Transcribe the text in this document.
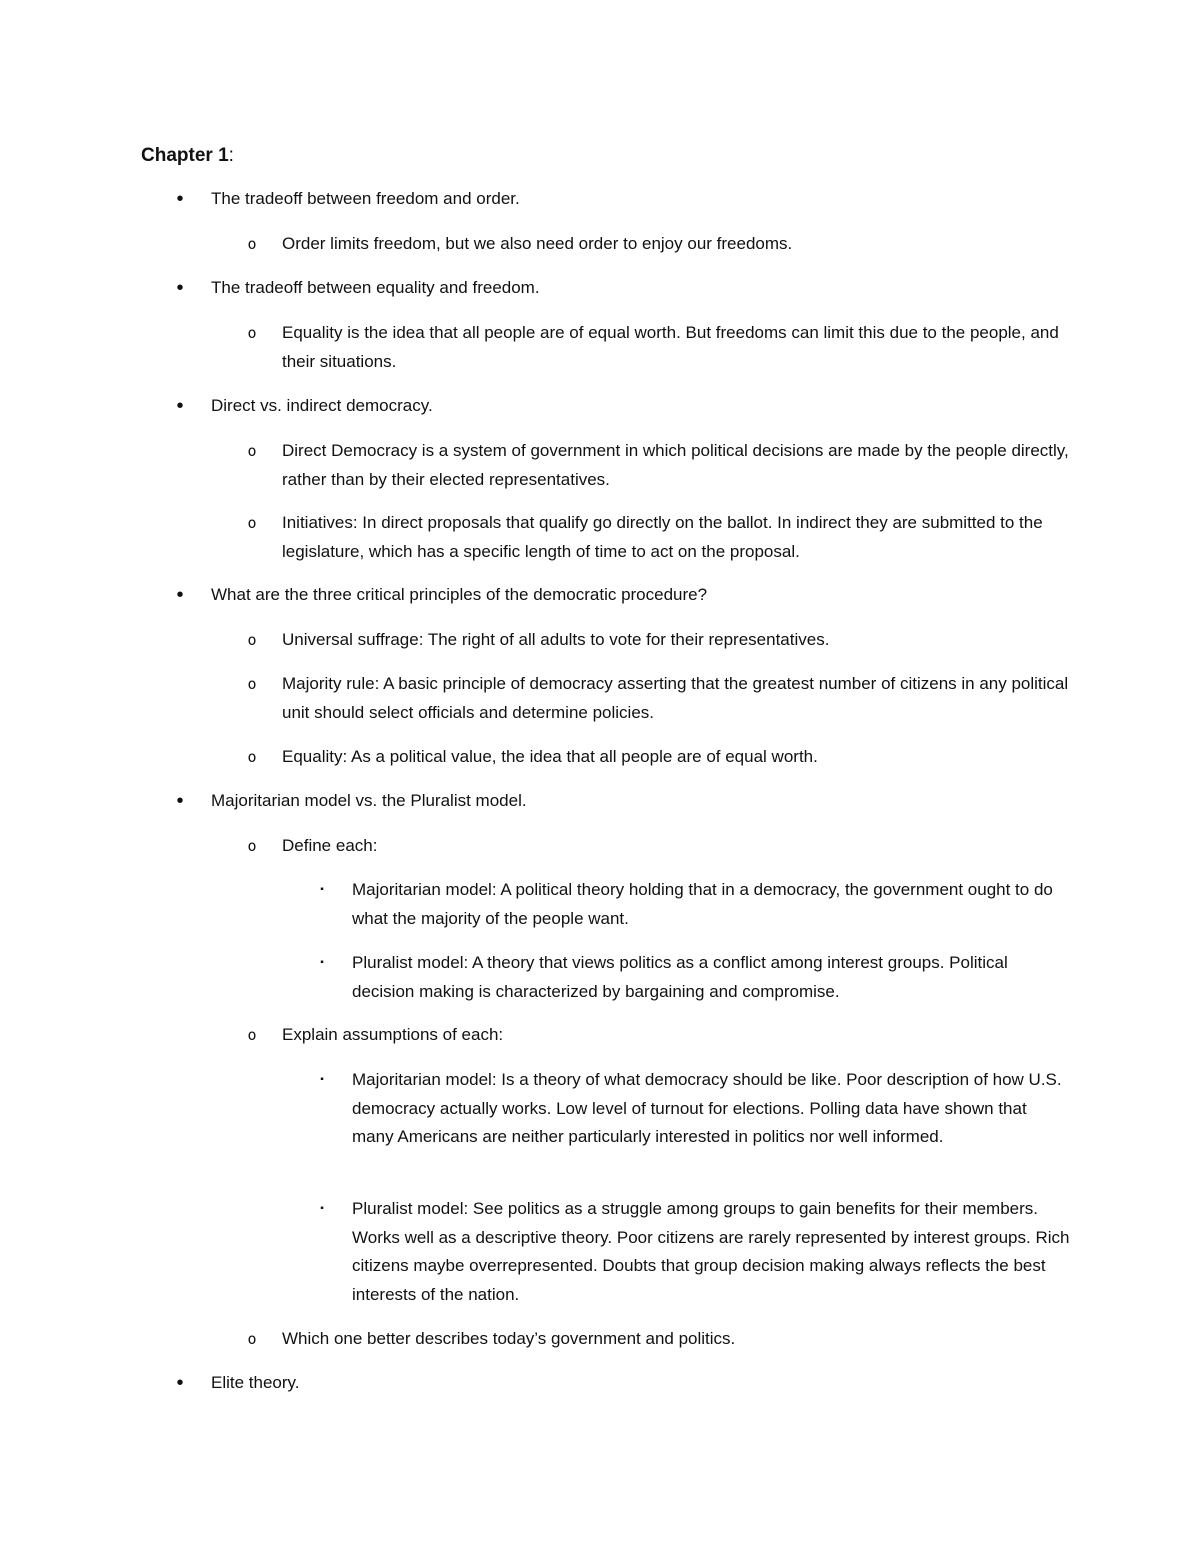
Chapter 1:
• The tradeoff between freedom and order.
o Order limits freedom, but we also need order to enjoy our freedoms.
• The tradeoff between equality and freedom.
o Equality is the idea that all people are of equal worth. But freedoms can limit this due to the people, and their situations.
• Direct vs. indirect democracy.
o Direct Democracy is a system of government in which political decisions are made by the people directly, rather than by their elected representatives.
o Initiatives: In direct proposals that qualify go directly on the ballot. In indirect they are submitted to the legislature, which has a specific length of time to act on the proposal.
• What are the three critical principles of the democratic procedure?
o Universal suffrage: The right of all adults to vote for their representatives.
o Majority rule: A basic principle of democracy asserting that the greatest number of citizens in any political unit should select officials and determine policies.
o Equality: As a political value, the idea that all people are of equal worth.
• Majoritarian model vs. the Pluralist model.
o Define each:
▪ Majoritarian model: A political theory holding that in a democracy, the government ought to do what the majority of the people want.
▪ Pluralist model: A theory that views politics as a conflict among interest groups. Political decision making is characterized by bargaining and compromise.
o Explain assumptions of each:
▪ Majoritarian model: Is a theory of what democracy should be like. Poor description of how U.S. democracy actually works. Low level of turnout for elections. Polling data have shown that many Americans are neither particularly interested in politics nor well informed.
▪ Pluralist model: See politics as a struggle among groups to gain benefits for their members. Works well as a descriptive theory. Poor citizens are rarely represented by interest groups. Rich citizens maybe overrepresented. Doubts that group decision making always reflects the best interests of the nation.
o Which one better describes today’s government and politics.
• Elite theory.
